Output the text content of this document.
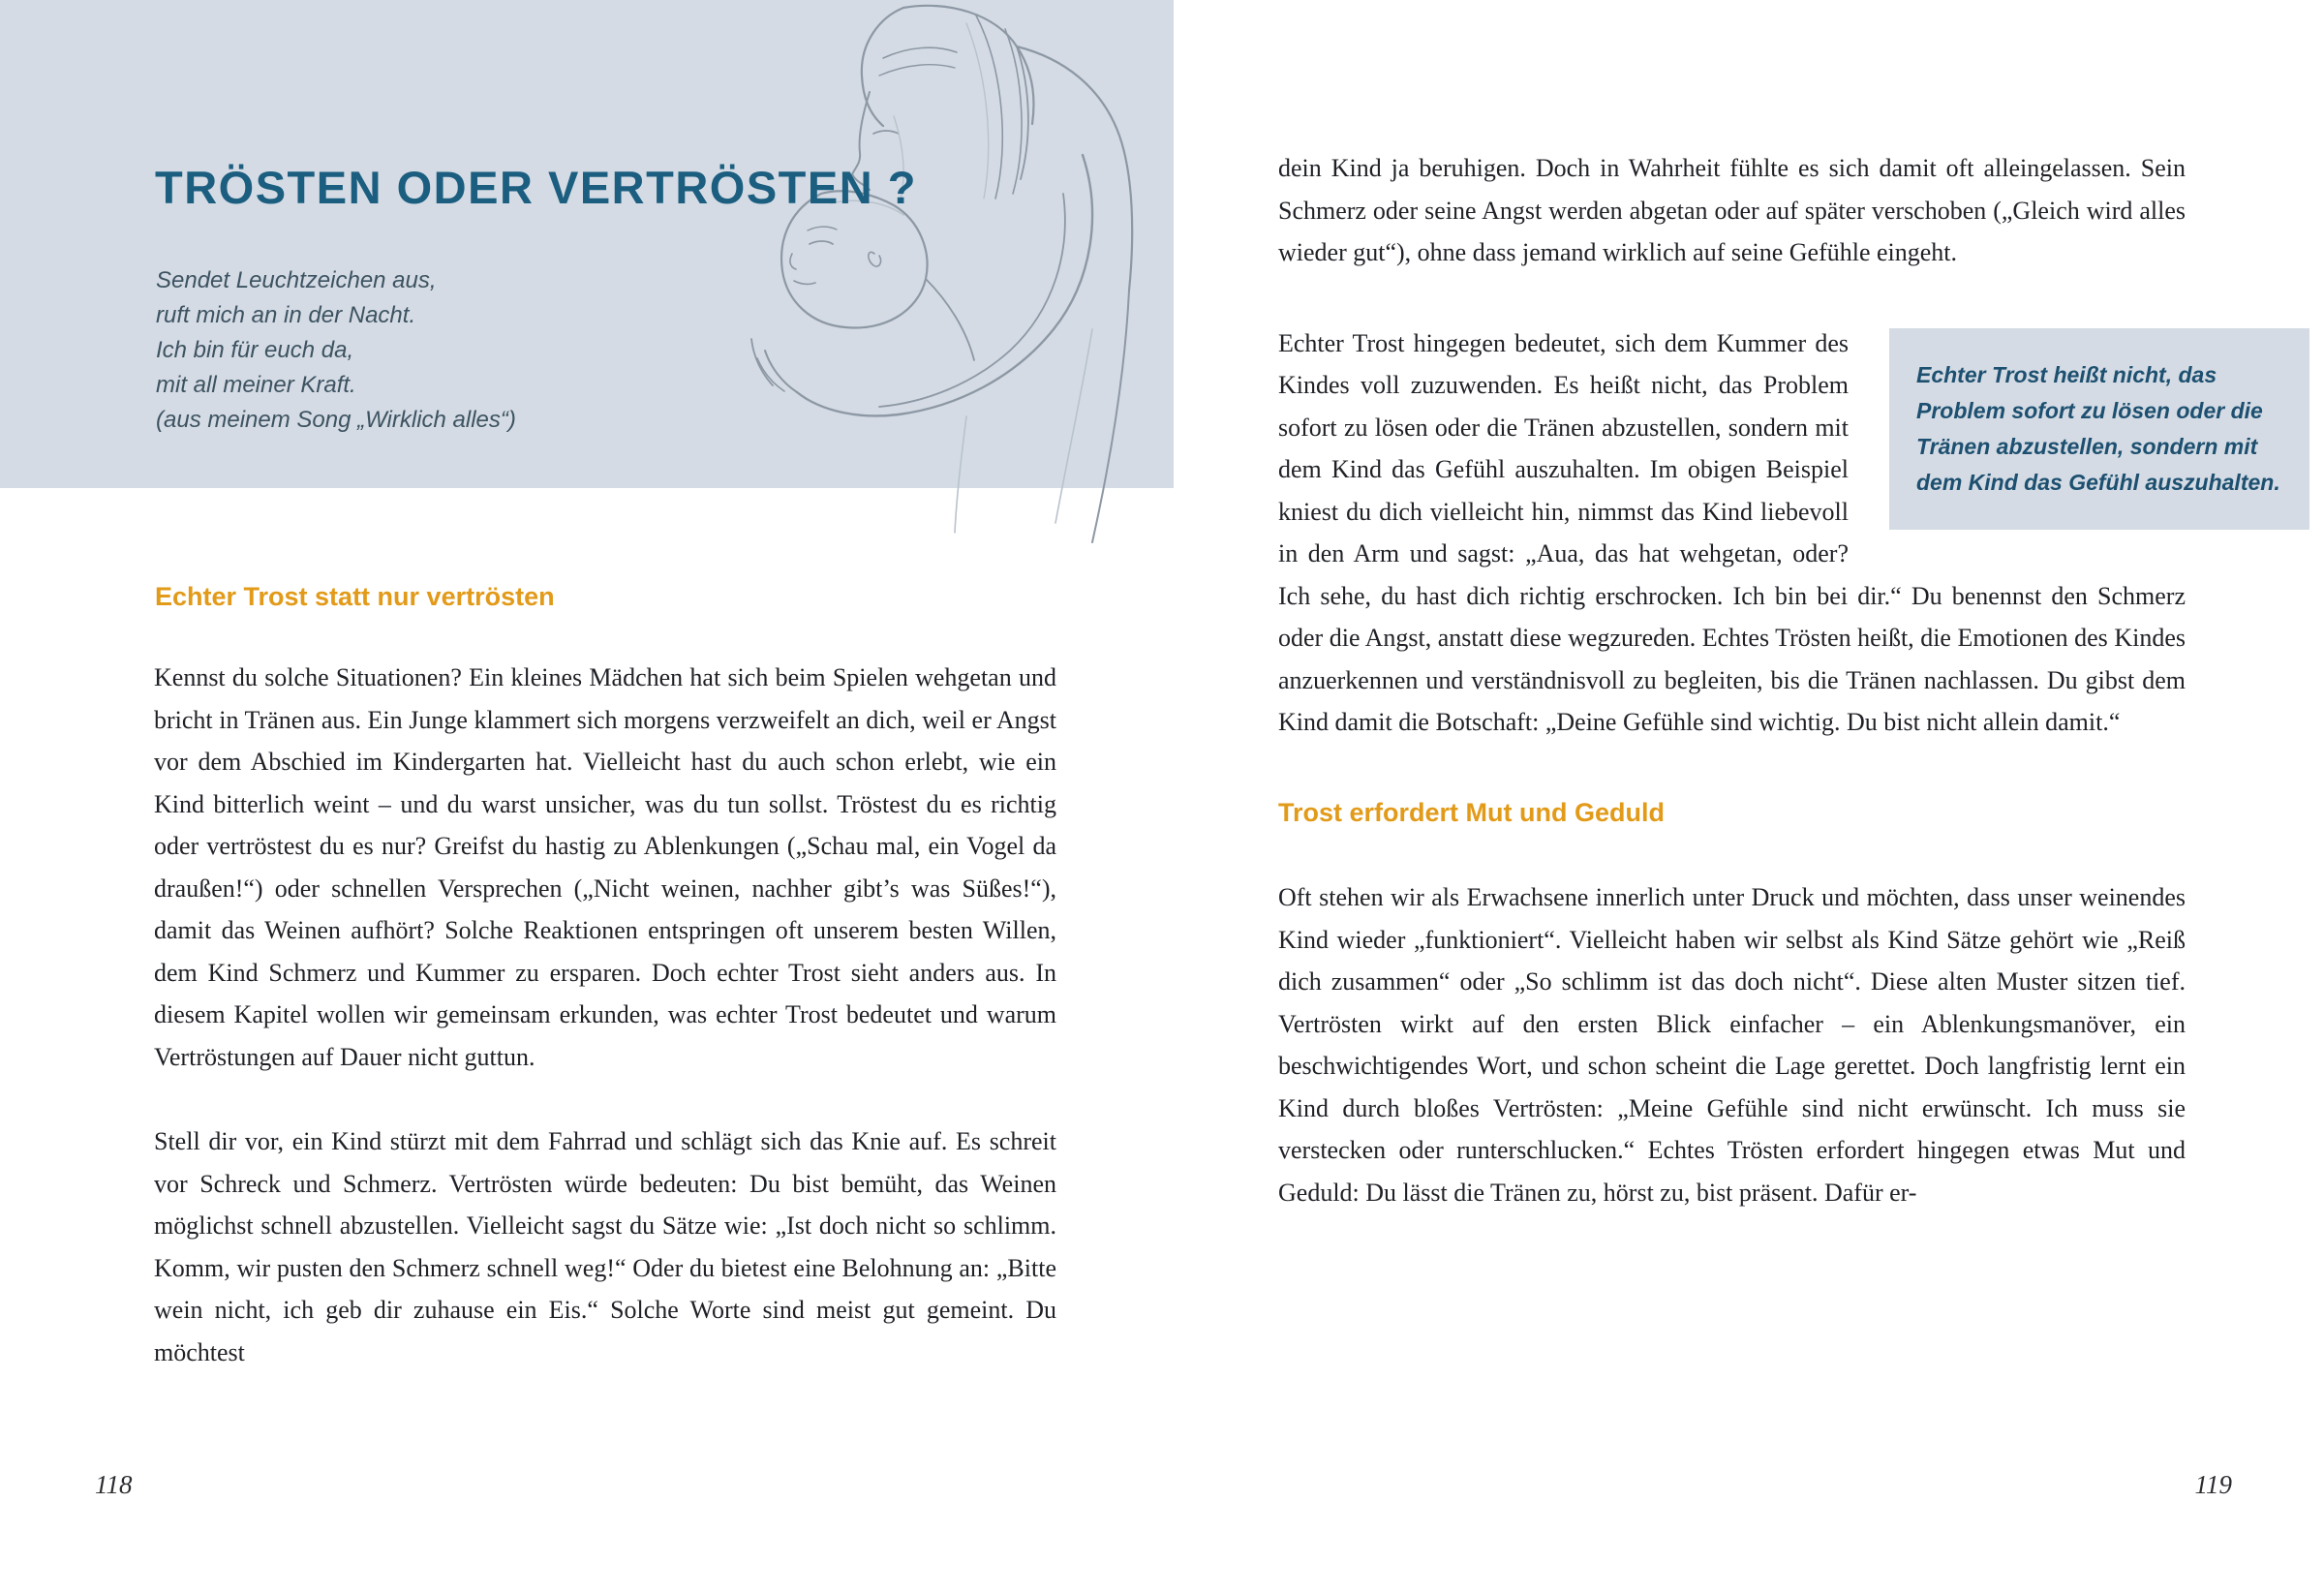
TRÖSTEN ODER VERTRÖSTEN ?
Sendet Leuchtzeichen aus,
ruft mich an in der Nacht.
Ich bin für euch da,
mit all meiner Kraft.
(aus meinem Song „Wirklich alles“)
Echter Trost statt nur vertrösten

Kennst du solche Situationen? Ein kleines Mädchen hat sich beim Spielen wehgetan und bricht in Tränen aus. Ein Junge klammert sich morgens verzweifelt an dich, weil er Angst vor dem Abschied im Kindergarten hat. Vielleicht hast du auch schon erlebt, wie ein Kind bitterlich weint – und du warst unsicher, was du tun sollst. Tröstest du es richtig oder vertröstest du es nur? Greifst du hastig zu Ablenkungen („Schau mal, ein Vogel da draußen!“) oder schnellen Versprechen („Nicht weinen, nachher gibt’s was Süßes!“), damit das Weinen aufhört? Solche Reaktionen entspringen oft unserem besten Willen, dem Kind Schmerz und Kummer zu ersparen. Doch echter Trost sieht anders aus. In diesem Kapitel wollen wir gemeinsam erkunden, was echter Trost bedeutet und warum Vertröstungen auf Dauer nicht guttun.

Stell dir vor, ein Kind stürzt mit dem Fahrrad und schlägt sich das Knie auf. Es schreit vor Schreck und Schmerz. Vertrösten würde bedeuten: Du bist bemüht, das Weinen möglichst schnell abzustellen. Vielleicht sagst du Sätze wie: „Ist doch nicht so schlimm. Komm, wir pusten den Schmerz schnell weg!“ Oder du bietest eine Belohnung an: „Bitte wein nicht, ich geb dir zuhause ein Eis.“ Solche Worte sind meist gut gemeint. Du möchtest

118

dein Kind ja beruhigen. Doch in Wahrheit fühlte es sich damit oft alleingelassen. Sein Schmerz oder seine Angst werden abgetan oder auf später verschoben („Gleich wird alles wieder gut“), ohne dass jemand wirklich auf seine Gefühle eingeht.

Echter Trost heißt nicht, das Problem sofort zu lösen oder die Tränen abzustellen, sondern mit dem Kind das Gefühl auszuhalten.

Echter Trost hingegen bedeutet, sich dem Kummer des Kindes voll zuzuwenden. Es heißt nicht, das Problem sofort zu lösen oder die Tränen abzustellen, sondern mit dem Kind das Gefühl auszuhalten. Im obigen Beispiel kniest du dich vielleicht hin, nimmst das Kind liebevoll in den Arm und sagst: „Aua, das hat wehgetan, oder? Ich sehe, du hast dich richtig erschrocken. Ich bin bei dir.“ Du benennst den Schmerz oder die Angst, anstatt diese wegzureden. Echtes Trösten heißt, die Emotionen des Kindes anzuerkennen und verständnisvoll zu begleiten, bis die Tränen nachlassen. Du gibst dem Kind damit die Botschaft: „Deine Gefühle sind wichtig. Du bist nicht allein damit.“

Trost erfordert Mut und Geduld

Oft stehen wir als Erwachsene innerlich unter Druck und möchten, dass unser weinendes Kind wieder „funktioniert“. Vielleicht haben wir selbst als Kind Sätze gehört wie „Reiß dich zusammen“ oder „So schlimm ist das doch nicht“. Diese alten Muster sitzen tief. Vertrösten wirkt auf den ersten Blick einfacher – ein Ablenkungsmanöver, ein beschwichtigendes Wort, und schon scheint die Lage gerettet. Doch langfristig lernt ein Kind durch bloßes Vertrösten: „Meine Gefühle sind nicht erwünscht. Ich muss sie verstecken oder runterschlucken.“ Echtes Trösten erfordert hingegen etwas Mut und Geduld: Du lässt die Tränen zu, hörst zu, bist präsent. Dafür er-

119
